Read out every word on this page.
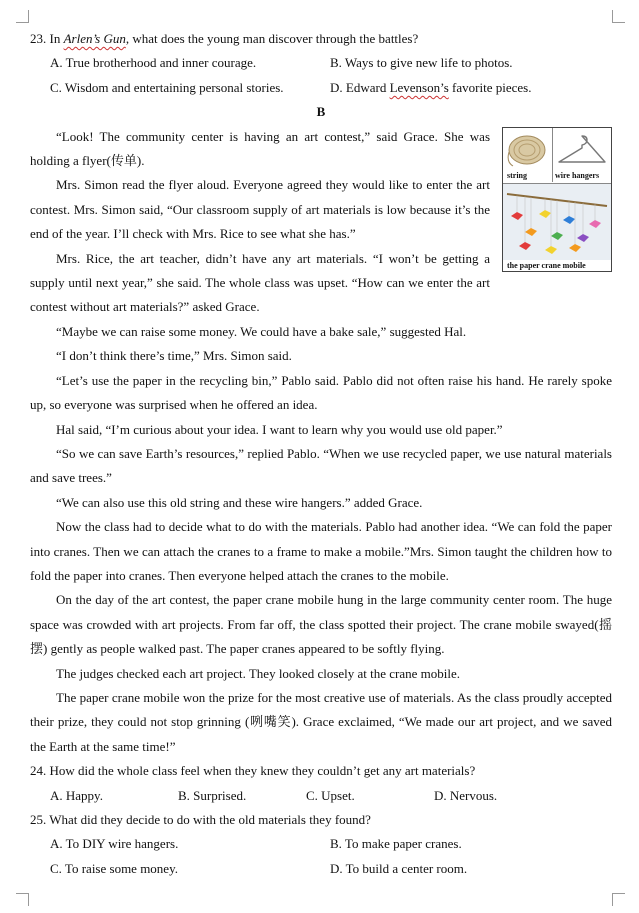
23. In Arlen’s Gun, what does the young man discover through the battles?

A. True brotherhood and inner courage.	B. Ways to give new life to photos.
C. Wisdom and entertaining personal stories.	D. Edward Levenson’s favorite pieces.

B

string	wire hangers
the paper crane mobile

“Look! The community center is having an art contest,” said Grace. She was holding a flyer(传单).

Mrs. Simon read the flyer aloud. Everyone agreed they would like to enter the art contest. Mrs. Simon said, “Our classroom supply of art materials is low because it’s the end of the year. I’ll check with Mrs. Rice to see what she has.”

Mrs. Rice, the art teacher, didn’t have any art materials. “I won’t be getting a supply until next year,” she said. The whole class was upset. “How can we enter the art contest without art materials?” asked Grace.

“Maybe we can raise some money. We could have a bake sale,” suggested Hal.

“I don’t think there’s time,” Mrs. Simon said.

“Let’s use the paper in the recycling bin,” Pablo said. Pablo did not often raise his hand. He rarely spoke up, so everyone was surprised when he offered an idea.

Hal said, “I’m curious about your idea. I want to learn why you would use old paper.”

“So we can save Earth’s resources,” replied Pablo. “When we use recycled paper, we use natural materials and save trees.”

“We can also use this old string and these wire hangers.” added Grace.

Now the class had to decide what to do with the materials. Pablo had another idea. “We can fold the paper into cranes. Then we can attach the cranes to a frame to make a mobile.”Mrs. Simon taught the children how to fold the paper into cranes. Then everyone helped attach the cranes to the mobile.

On the day of the art contest, the paper crane mobile hung in the large community center room. The huge space was crowded with art projects. From far off, the class spotted their project. The crane mobile swayed(摇摆) gently as people walked past. The paper cranes appeared to be softly flying.

The judges checked each art project. They looked closely at the crane mobile.

The paper crane mobile won the prize for the most creative use of materials. As the class proudly accepted their prize, they could not stop grinning (咧嘴笑). Grace exclaimed, “We made our art project, and we saved the Earth at the same time!”

24. How did the whole class feel when they knew they couldn’t get any art materials?

A. Happy.	B. Surprised.	C. Upset.	D. Nervous.

25. What did they decide to do with the old materials they found?

A. To DIY wire hangers.	B. To make paper cranes.
C. To raise some money.	D. To build a center room.
